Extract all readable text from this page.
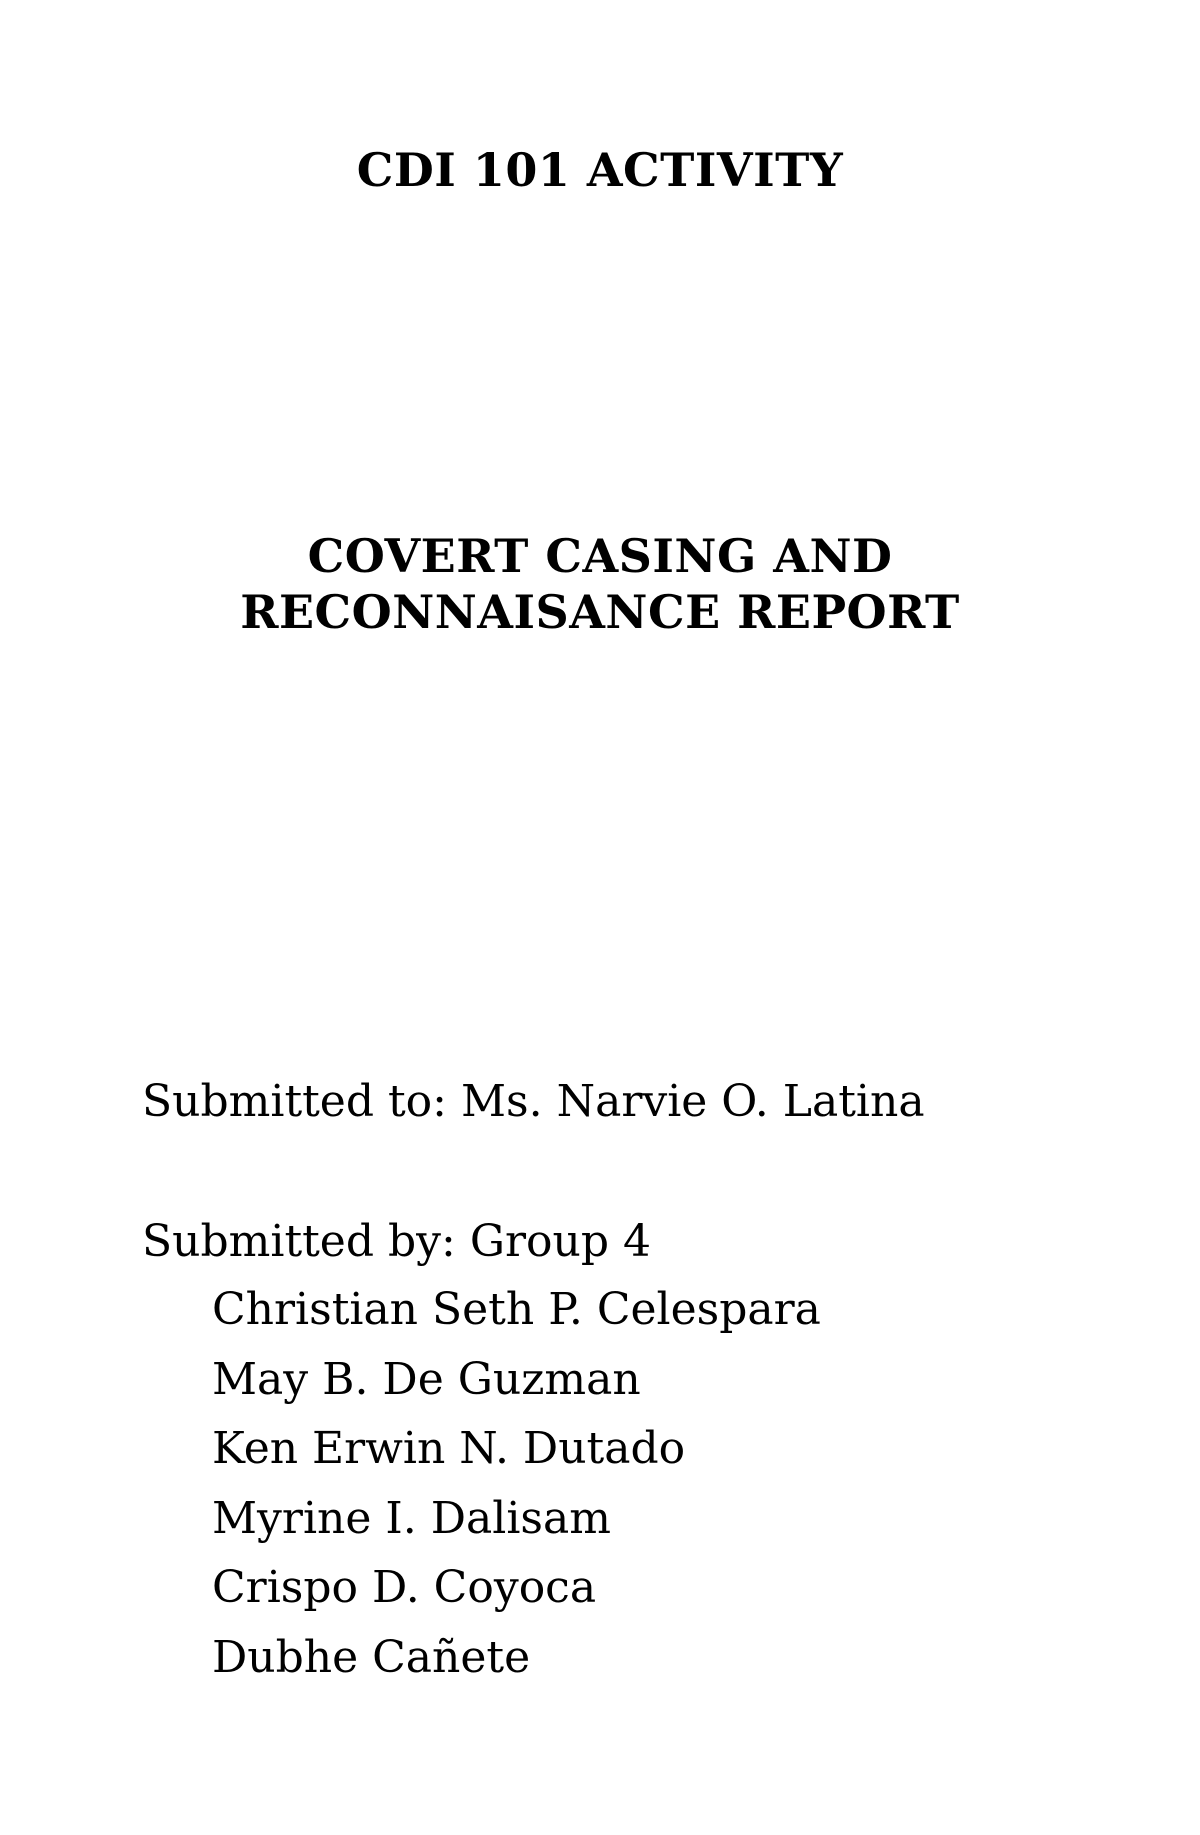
CDI 101 ACTIVITY
COVERT CASING AND
RECONNAISANCE REPORT
Submitted to: Ms. Narvie O. Latina
Submitted by: Group 4
Christian Seth P. Celespara
May B. De Guzman
Ken Erwin N. Dutado
Myrine I. Dalisam
Crispo D. Coyoca
Dubhe Cañete
